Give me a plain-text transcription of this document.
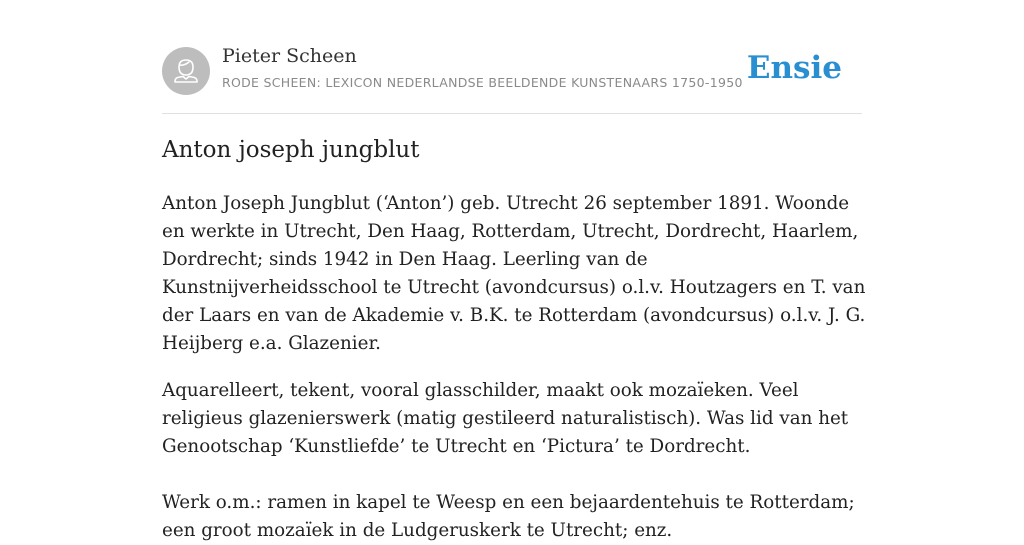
Pieter Scheen
RODE SCHEEN: LEXICON NEDERLANDSE BEELDENDE KUNSTENAARS 1750-1950 Ensie
Anton joseph jungblut

Anton Joseph Jungblut (‘Anton’) geb. Utrecht 26 september 1891. Woonde en werkte in Utrecht, Den Haag, Rotterdam, Utrecht, Dordrecht, Haarlem, Dordrecht; sinds 1942 in Den Haag. Leerling van de Kunstnijverheidsschool te Utrecht (avondcursus) o.l.v. Houtzagers en T. van der Laars en van de Akademie v. B.K. te Rotterdam (avondcursus) o.l.v. J. G. Heijberg e.a. Glazenier.

Aquarelleert, tekent, vooral glasschilder, maakt ook mozaïeken. Veel religieus glazenierswerk (matig gestileerd naturalistisch). Was lid van het Genootschap ‘Kunstliefde’ te Utrecht en ‘Pictura’ te Dordrecht.

Werk o.m.: ramen in kapel te Weesp en een bejaardentehuis te Rotterdam; een groot mozaïek in de Ludgeruskerk te Utrecht; enz.
